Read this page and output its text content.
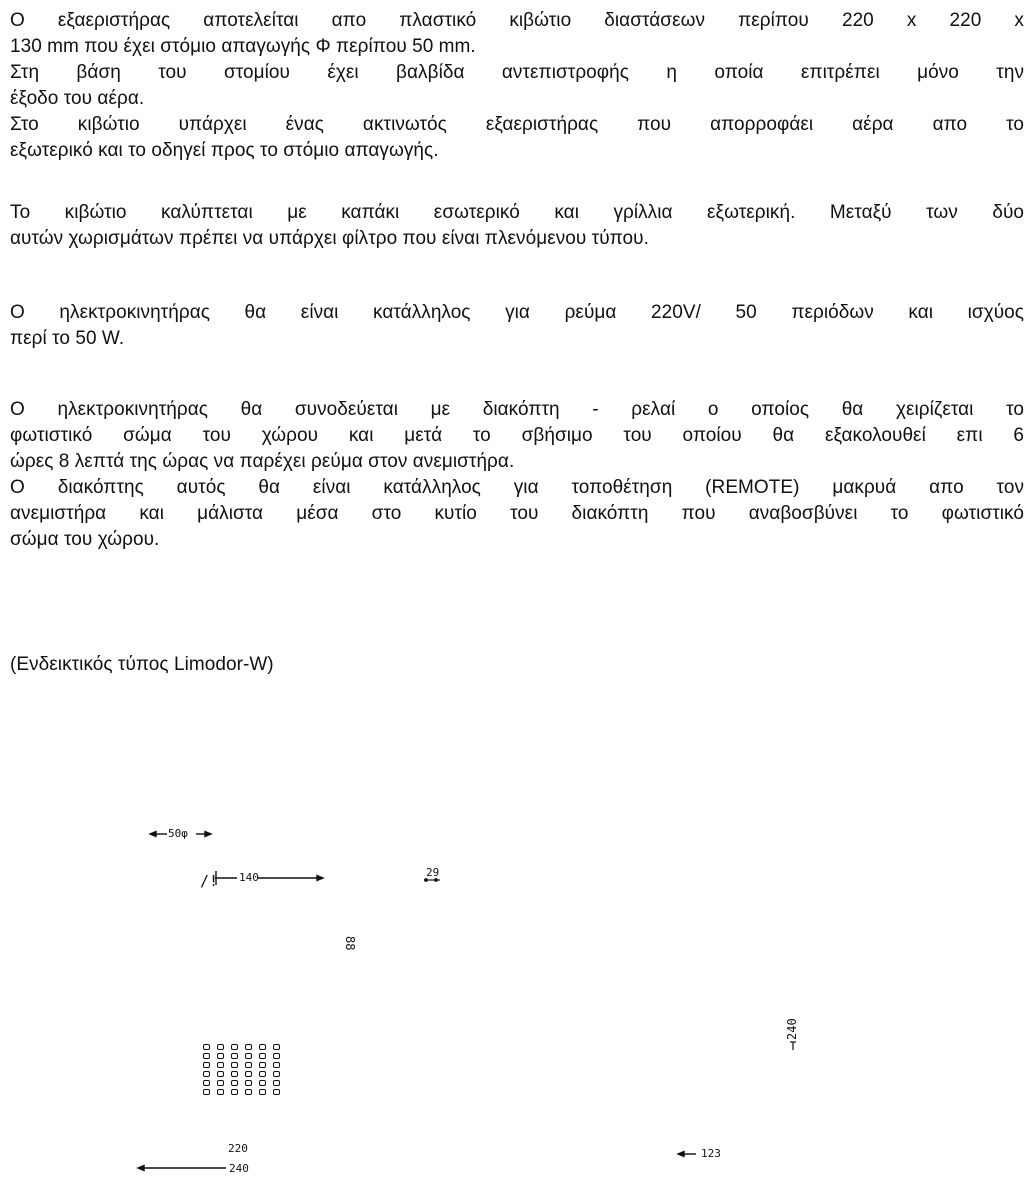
Ο εξαεριστήρας αποτελείται απο πλαστικό κιβώτιο διαστάσεων περίπου 220 x 220 x
130 mm που έχει στόμιο απαγωγής Φ περίπου 50 mm.
Στη βάση του στομίου έχει βαλβίδα αντεπιστροφής η οποία επιτρέπει μόνο την
έξοδο του αέρα.
Στο κιβώτιο υπάρχει ένας ακτινωτός εξαεριστήρας που απορροφάει αέρα απο το
εξωτερικό και το οδηγεί προς το στόμιο απαγωγής.
Το κιβώτιο καλύπτεται με καπάκι εσωτερικό και γρίλλια εξωτερική. Μεταξύ των δύο
αυτών χωρισμάτων πρέπει να υπάρχει φίλτρο που είναι πλενόμενου τύπου.
Ο ηλεκτροκινητήρας θα είναι κατάλληλος για ρεύμα 220V/ 50 περιόδων και ισχύος
περί το 50 W.
Ο ηλεκτροκινητήρας θα συνοδεύεται με διακόπτη - ρελαί ο οποίος θα χειρίζεται το
φωτιστικό σώμα του χώρου και μετά το σβήσιμο του οποίου θα εξακολουθεί επι 6
ώρες 8 λεπτά της ώρας να παρέχει ρεύμα στον ανεμιστήρα.
Ο διακόπτης αυτός θα είναι κατάλληλος για τοποθέτηση (REMOTE) μακρυά απο τον
ανεμιστήρα και μάλιστα μέσα στο κυτίο του διακόπτη που αναβοσβύνει το φωτιστικό
σώμα του χώρου.
(Ενδεικτικός τύπος Limodor-W)
50φ
/! 140	29
88
240
220
240
123
